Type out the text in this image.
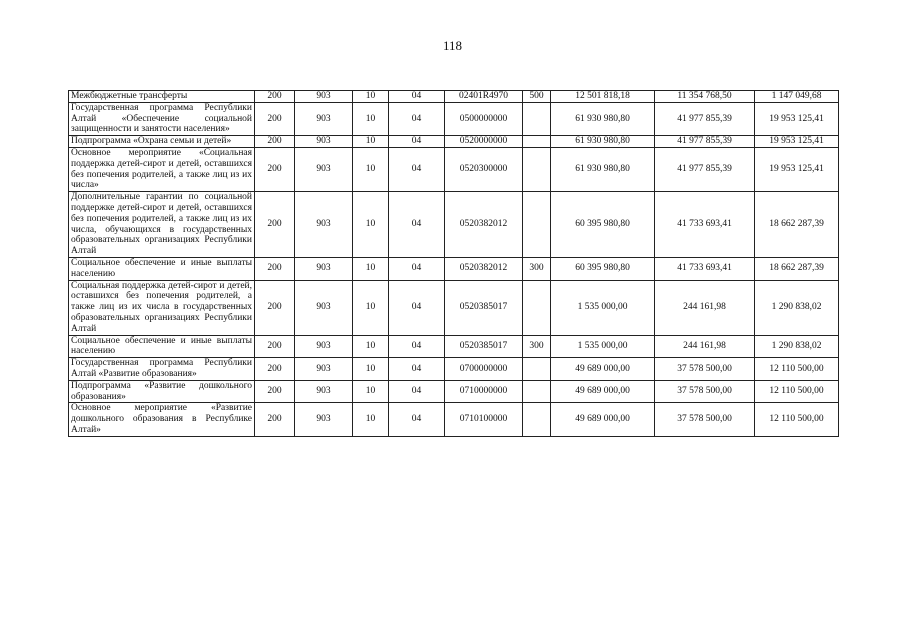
118
Межбюджетные трансферты	200	903	10	04	02401R4970	500	12 501 818,18	11 354 768,50	1 147 049,68
Государственная программа Республики Алтай «Обеспечение социальной защищенности и занятости населения»	200	903	10	04	0500000000		61 930 980,80	41 977 855,39	19 953 125,41
Подпрограмма «Охрана семьи и детей»	200	903	10	04	0520000000		61 930 980,80	41 977 855,39	19 953 125,41
Основное мероприятие «Социальная поддержка детей-сирот и детей, оставшихся без попечения родителей, а также лиц из их числа»	200	903	10	04	0520300000		61 930 980,80	41 977 855,39	19 953 125,41
Дополнительные гарантии по социальной поддержке детей-сирот и детей, оставшихся без попечения родителей, а также лиц из их числа, обучающихся в государственных образовательных организациях Республики Алтай	200	903	10	04	0520382012		60 395 980,80	41 733 693,41	18 662 287,39
Социальное обеспечение и иные выплаты населению	200	903	10	04	0520382012	300	60 395 980,80	41 733 693,41	18 662 287,39
Социальная поддержка детей-сирот и детей, оставшихся без попечения родителей, а также лиц из их числа в государственных образовательных организациях Республики Алтай	200	903	10	04	0520385017		1 535 000,00	244 161,98	1 290 838,02
Социальное обеспечение и иные выплаты населению	200	903	10	04	0520385017	300	1 535 000,00	244 161,98	1 290 838,02
Государственная программа Республики Алтай «Развитие образования»	200	903	10	04	0700000000		49 689 000,00	37 578 500,00	12 110 500,00
Подпрограмма «Развитие дошкольного образования»	200	903	10	04	0710000000		49 689 000,00	37 578 500,00	12 110 500,00
Основное мероприятие «Развитие дошкольного образования в Республике Алтай»	200	903	10	04	0710100000		49 689 000,00	37 578 500,00	12 110 500,00
